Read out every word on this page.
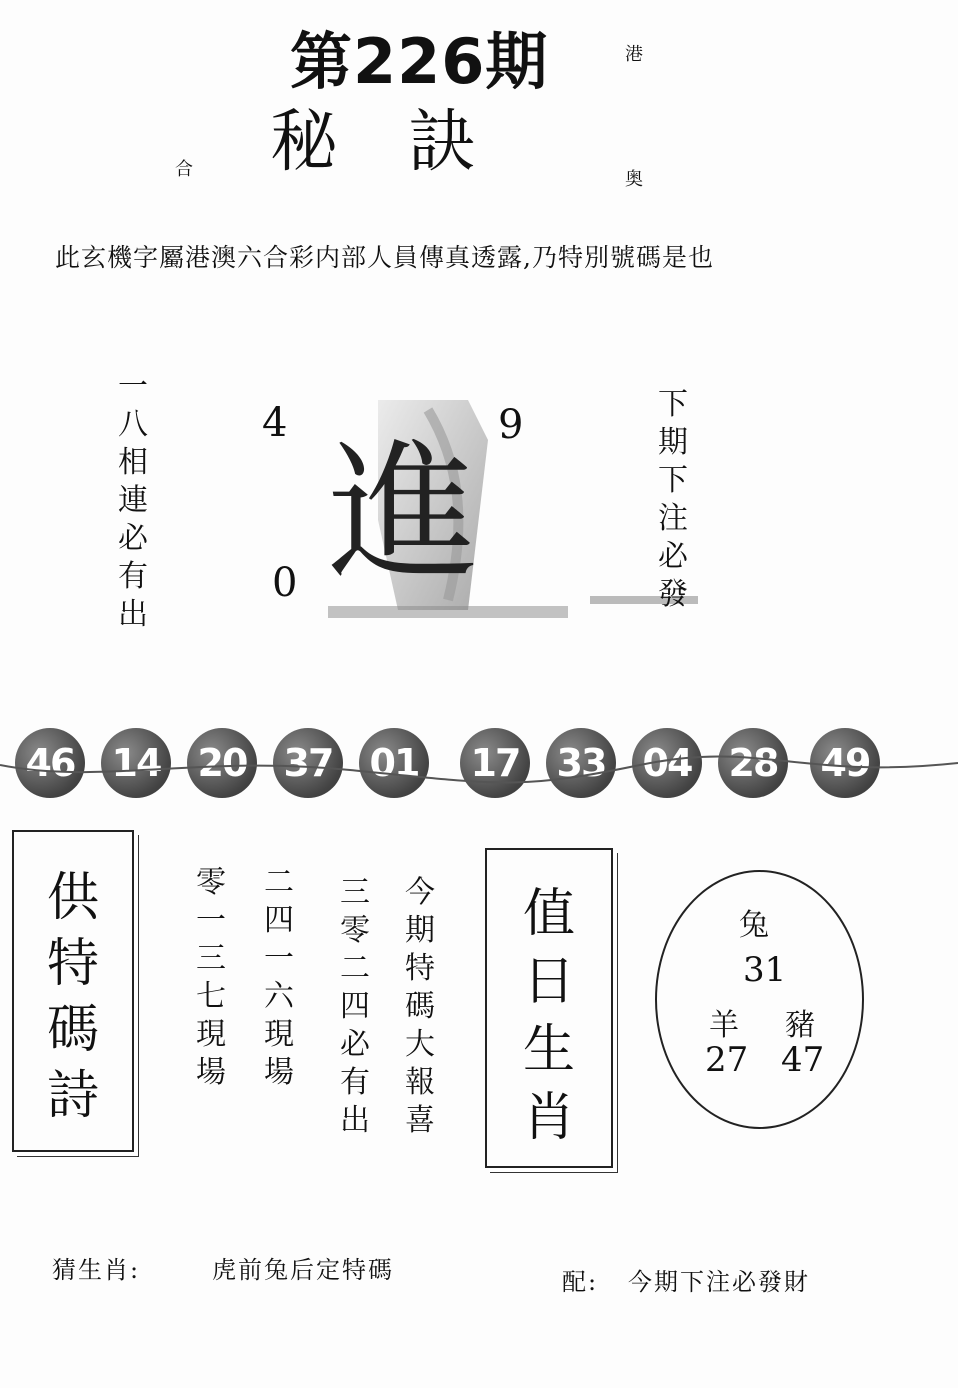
第226期
秘訣
港
合	奥
此玄機字屬港澳六合彩内部人員傳真透露,乃特別號碼是也
一
八
相
連
必
有
出
4	9
0 進
下
期
下
注
必
發
46 14 20 37 01 17 33 04 28 49
供
特
碼
詩
零
一
三
七
現
場
二
四
一
六
現
場
三
零
二
四
必
有
出
今
期
特
碼
大
報
喜
值
日
生
肖
兔
31
羊 豬
27 47
猜生肖:	虎前兔后定特碼	配: 今期下注必發財
